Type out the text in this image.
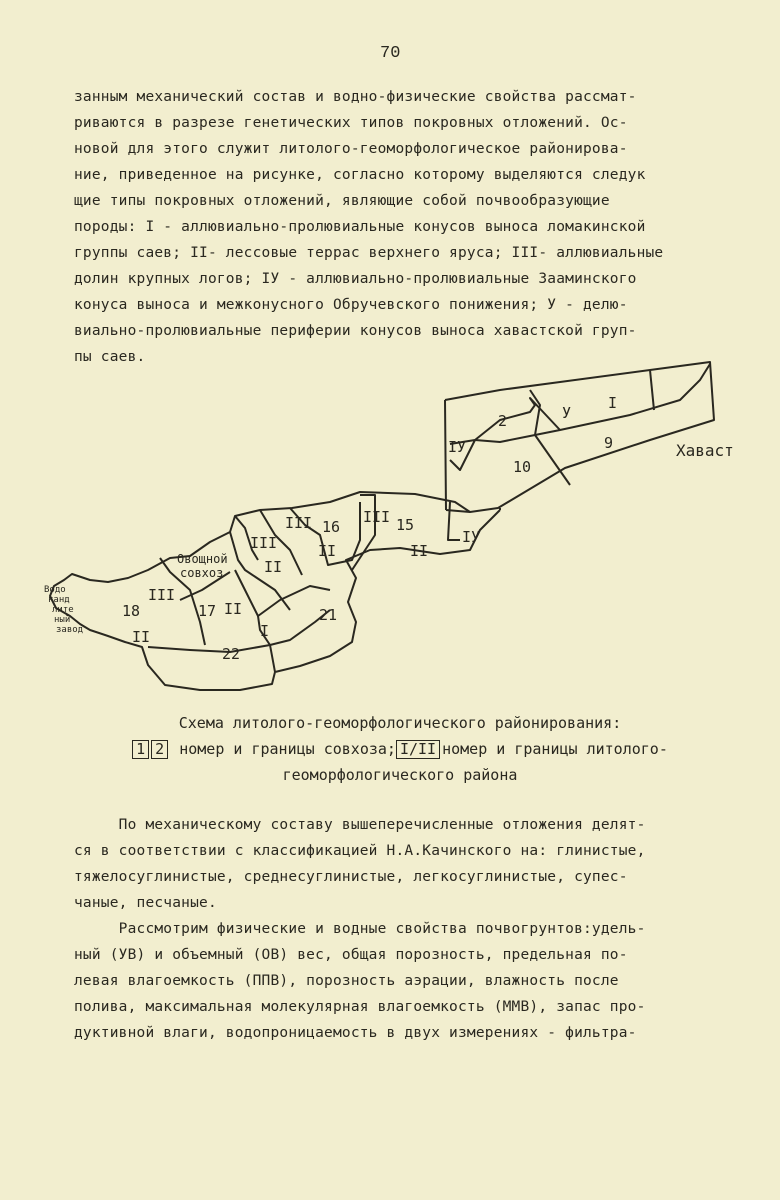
70
занным механический состав и водно-физические свойства рассмат-
риваются в разрезе генетических типов покровных отложений. Ос-
новой для этого служит литолого-геоморфологическое районирова-
ние, приведенное на рисунке, согласно которому выделяются следук
щие типы покровных отложений, являющие собой почвообразующие
породы: I - аллювиально-пролювиальные конусов выноса ломакинской
группы саев; II- лессовые террас верхнего яруса; III- аллювиальные
долин крупных логов; IУ - аллювиально-пролювиальные Зааминского
конуса выноса и межконусного Обручевского понижения; У - делю-
виально-пролювиальные периферии конусов выноса хавастской груп-
пы саев.
2	У
I
IУ	9
10
Хаваст
III 16
II
III 15
II
IУ
III
II
Овощной
совхоз
Водо
канд
лите
ный
завод
18
II
III
17 II
I
21
22
Схема литолого-геоморфологического районирования:
1 2 номер и границы совхоза; I/II номер и границы литолого-
геоморфологического района
По механическому составу вышеперечисленные отложения делят-
ся в соответствии с классификацией Н.А.Качинского на: глинистые,
тяжелосуглинистые, среднесуглинистые, легкосуглинистые, супес-
чаные, песчаные.
Рассмотрим физические и водные свойства почвогрунтов:удель-
ный (УВ) и объемный (ОВ) вес, общая порозность, предельная по-
левая влагоемкость (ППВ), порозность аэрации, влажность после
полива, максимальная молекулярная влагоемкость (ММВ), запас про-
дуктивной влаги, водопроницаемость в двух измерениях - фильтра-
